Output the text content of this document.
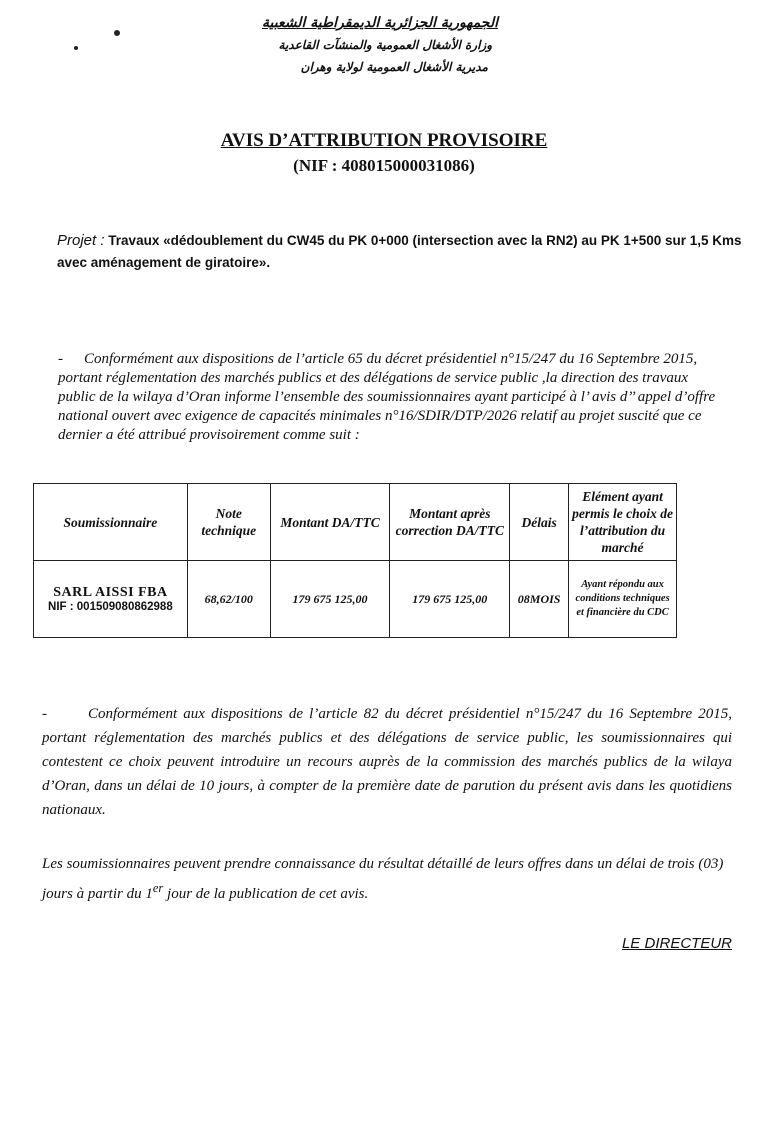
الجمهورية الجزائرية الديمقراطية الشعبية
وزارة الأشغال العمومية والمنشآت القاعدية
مديرية الأشغال العمومية لولاية وهران
AVIS D’ATTRIBUTION PROVISOIRE
(NIF : 408015000031086)
Projet : Travaux «dédoublement du CW45 du PK 0+000 (intersection avec la RN2) au PK 1+500 sur 1,5 Kms avec aménagement de giratoire».
- Conformément aux dispositions de l’article 65 du décret présidentiel n°15/247 du 16 Septembre 2015, portant réglementation des marchés publics et des délégations de service public ,la direction des travaux public de la wilaya d’Oran informe l’ensemble des soumissionnaires ayant participé à l’ avis d’’ appel d’offre national ouvert avec exigence de capacités minimales n°16/SDIR/DTP/2026 relatif au projet suscité que ce dernier a été attribué provisoirement comme suit :
Soumissionnaire	Note technique	Montant DA/TTC	Montant après correction DA/TTC	Délais	Elément ayant permis le choix de l’attribution du marché

SARL AISSI FBA
NIF : 001509080862988	68,62/100	179 675 125,00	179 675 125,00	08MOIS	Ayant répondu aux conditions techniques et financière du CDC
-	Conformément aux dispositions de l’article 82 du décret présidentiel n°15/247 du 16 Septembre 2015, portant réglementation des marchés publics et des délégations de service public, les soumissionnaires qui contestent ce choix peuvent introduire un recours auprès de la commission des marchés publics de la wilaya d’Oran, dans un délai de 10 jours, à compter de la première date de parution du présent avis dans les quotidiens nationaux.
Les soumissionnaires peuvent prendre connaissance du résultat détaillé de leurs offres dans un délai de trois (03) jours à partir du 1er jour de la publication de cet avis.
LE DIRECTEUR
